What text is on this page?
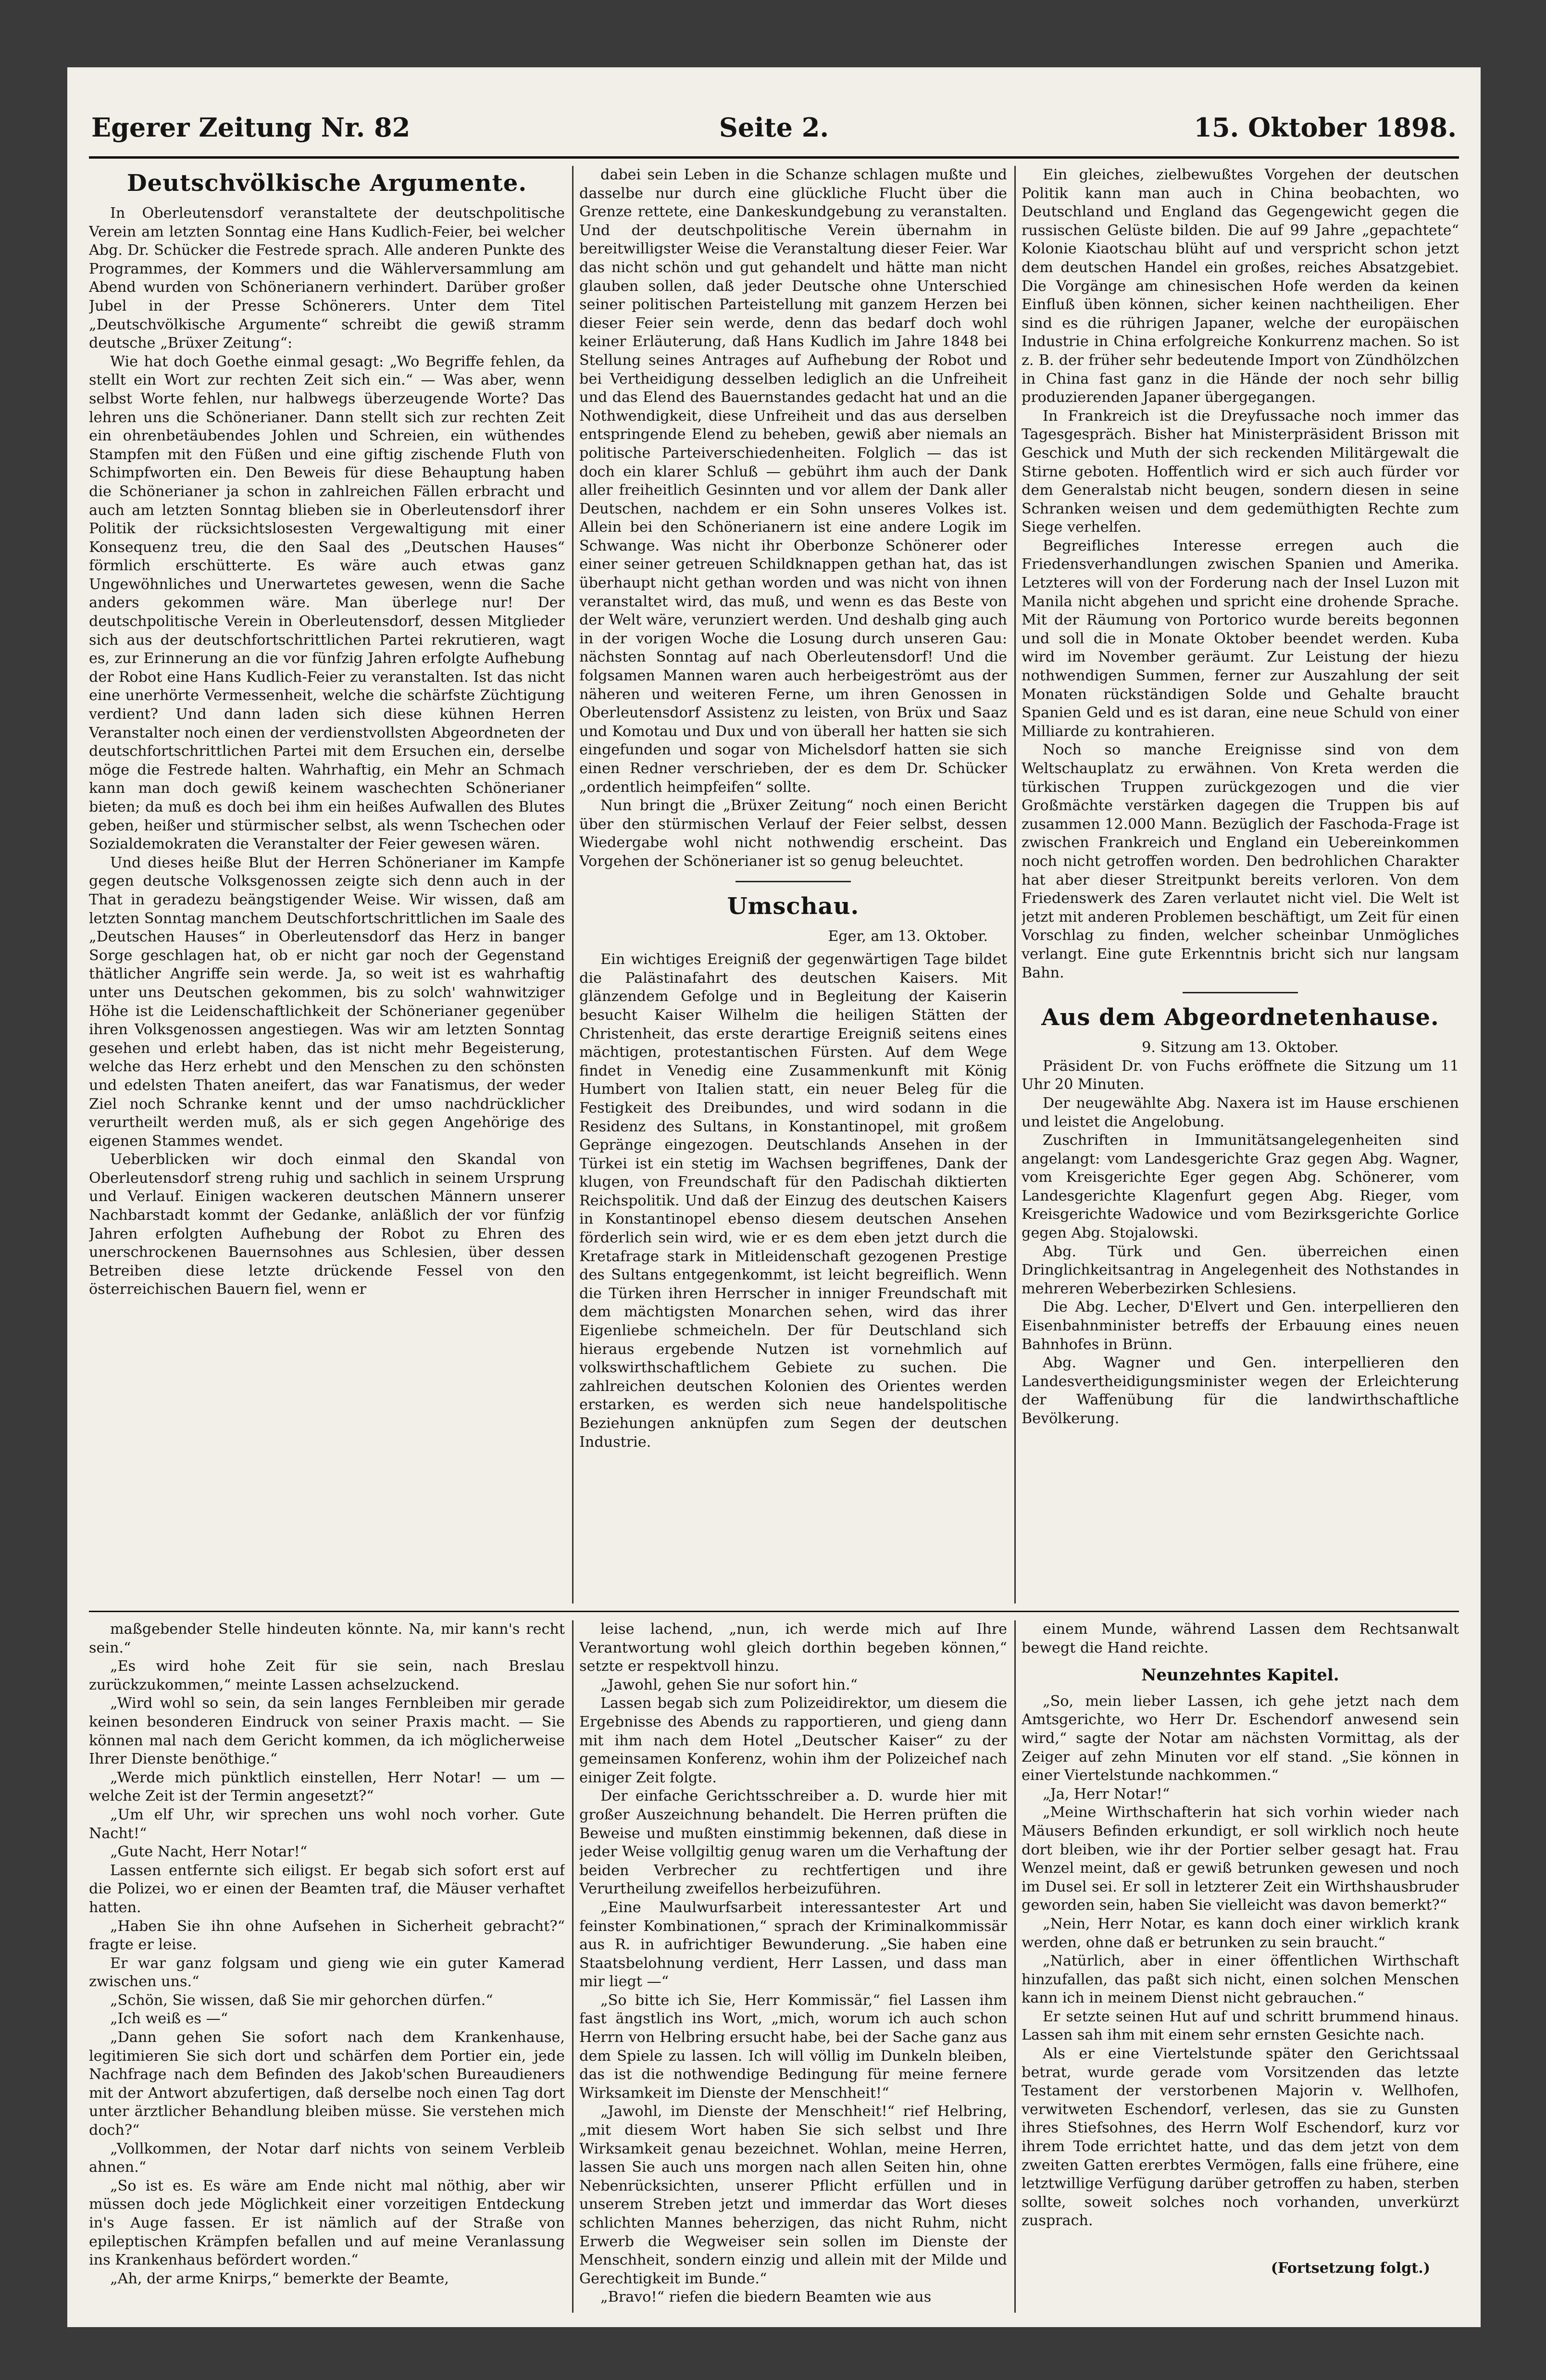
Egerer Zeitung Nr. 82	Seite 2.	15. Oktober 1898.
Deutschvölkische Argumente.

In Oberleutensdorf veranstaltete der deutschpolitische Verein am letzten Sonntag eine Hans Kudlich-Feier, bei welcher Abg. Dr. Schücker die Festrede sprach. Alle anderen Punkte des Programmes, der Kommers und die Wählerversammlung am Abend wurden von Schönerianern verhindert. Darüber großer Jubel in der Presse Schönerers. Unter dem Titel „Deutschvölkische Argumente“ schreibt die gewiß stramm deutsche „Brüxer Zeitung“:

Wie hat doch Goethe einmal gesagt: „Wo Begriffe fehlen, da stellt ein Wort zur rechten Zeit sich ein.“ — Was aber, wenn selbst Worte fehlen, nur halbwegs überzeugende Worte? Das lehren uns die Schönerianer. Dann stellt sich zur rechten Zeit ein ohrenbetäubendes Johlen und Schreien, ein wüthendes Stampfen mit den Füßen und eine giftig zischende Fluth von Schimpfworten ein. Den Beweis für diese Behauptung haben die Schönerianer ja schon in zahlreichen Fällen erbracht und auch am letzten Sonntag blieben sie in Oberleutensdorf ihrer Politik der rücksichtslosesten Vergewaltigung mit einer Konsequenz treu, die den Saal des „Deutschen Hauses“ förmlich erschütterte. Es wäre auch etwas ganz Ungewöhnliches und Unerwartetes gewesen, wenn die Sache anders gekommen wäre. Man überlege nur! Der deutschpolitische Verein in Oberleutensdorf, dessen Mitglieder sich aus der deutschfortschrittlichen Partei rekrutieren, wagt es, zur Erinnerung an die vor fünfzig Jahren erfolgte Aufhebung der Robot eine Hans Kudlich-Feier zu veranstalten. Ist das nicht eine unerhörte Vermessenheit, welche die schärfste Züchtigung verdient? Und dann laden sich diese kühnen Herren Veranstalter noch einen der verdienstvollsten Abgeordneten der deutschfortschrittlichen Partei mit dem Ersuchen ein, derselbe möge die Festrede halten. Wahrhaftig, ein Mehr an Schmach kann man doch gewiß keinem waschechten Schönerianer bieten; da muß es doch bei ihm ein heißes Aufwallen des Blutes geben, heißer und stürmischer selbst, als wenn Tschechen oder Sozialdemokraten die Veranstalter der Feier gewesen wären.

Und dieses heiße Blut der Herren Schönerianer im Kampfe gegen deutsche Volksgenossen zeigte sich denn auch in der That in geradezu beängstigender Weise. Wir wissen, daß am letzten Sonntag manchem Deutschfortschrittlichen im Saale des „Deutschen Hauses“ in Oberleutensdorf das Herz in banger Sorge geschlagen hat, ob er nicht gar noch der Gegenstand thätlicher Angriffe sein werde. Ja, so weit ist es wahrhaftig unter uns Deutschen gekommen, bis zu solch' wahnwitziger Höhe ist die Leidenschaftlichkeit der Schönerianer gegenüber ihren Volksgenossen angestiegen. Was wir am letzten Sonntag gesehen und erlebt haben, das ist nicht mehr Begeisterung, welche das Herz erhebt und den Menschen zu den schönsten und edelsten Thaten aneifert, das war Fanatismus, der weder Ziel noch Schranke kennt und der umso nachdrücklicher verurtheilt werden muß, als er sich gegen Angehörige des eigenen Stammes wendet.

Ueberblicken wir doch einmal den Skandal von Oberleutensdorf streng ruhig und sachlich in seinem Ursprung und Verlauf. Einigen wackeren deutschen Männern unserer Nachbarstadt kommt der Gedanke, anläßlich der vor fünfzig Jahren erfolgten Aufhebung der Robot zu Ehren des unerschrockenen Bauernsohnes aus Schlesien, über dessen Betreiben diese letzte drückende Fessel von den österreichischen Bauern fiel, wenn er

dabei sein Leben in die Schanze schlagen mußte und dasselbe nur durch eine glückliche Flucht über die Grenze rettete, eine Dankeskundgebung zu veranstalten. Und der deutschpolitische Verein übernahm in bereitwilligster Weise die Veranstaltung dieser Feier. War das nicht schön und gut gehandelt und hätte man nicht glauben sollen, daß jeder Deutsche ohne Unterschied seiner politischen Parteistellung mit ganzem Herzen bei dieser Feier sein werde, denn das bedarf doch wohl keiner Erläuterung, daß Hans Kudlich im Jahre 1848 bei Stellung seines Antrages auf Aufhebung der Robot und bei Vertheidigung desselben lediglich an die Unfreiheit und das Elend des Bauernstandes gedacht hat und an die Nothwendigkeit, diese Unfreiheit und das aus derselben entspringende Elend zu beheben, gewiß aber niemals an politische Parteiverschiedenheiten. Folglich — das ist doch ein klarer Schluß — gebührt ihm auch der Dank aller freiheitlich Gesinnten und vor allem der Dank aller Deutschen, nachdem er ein Sohn unseres Volkes ist. Allein bei den Schönerianern ist eine andere Logik im Schwange. Was nicht ihr Oberbonze Schönerer oder einer seiner getreuen Schildknappen gethan hat, das ist überhaupt nicht gethan worden und was nicht von ihnen veranstaltet wird, das muß, und wenn es das Beste von der Welt wäre, verunziert werden. Und deshalb ging auch in der vorigen Woche die Losung durch unseren Gau: nächsten Sonntag auf nach Oberleutensdorf! Und die folgsamen Mannen waren auch herbeigeströmt aus der näheren und weiteren Ferne, um ihren Genossen in Oberleutensdorf Assistenz zu leisten, von Brüx und Saaz und Komotau und Dux und von überall her hatten sie sich eingefunden und sogar von Michelsdorf hatten sie sich einen Redner verschrieben, der es dem Dr. Schücker „ordentlich heimpfeifen“ sollte.

Nun bringt die „Brüxer Zeitung“ noch einen Bericht über den stürmischen Verlauf der Feier selbst, dessen Wiedergabe wohl nicht nothwendig erscheint. Das Vorgehen der Schönerianer ist so genug beleuchtet.

Umschau.
Eger, am 13. Oktober.

Ein wichtiges Ereigniß der gegenwärtigen Tage bildet die Palästinafahrt des deutschen Kaisers. Mit glänzendem Gefolge und in Begleitung der Kaiserin besucht Kaiser Wilhelm die heiligen Stätten der Christenheit, das erste derartige Ereigniß seitens eines mächtigen, protestantischen Fürsten. Auf dem Wege findet in Venedig eine Zusammenkunft mit König Humbert von Italien statt, ein neuer Beleg für die Festigkeit des Dreibundes, und wird sodann in die Residenz des Sultans, in Konstantinopel, mit großem Gepränge eingezogen. Deutschlands Ansehen in der Türkei ist ein stetig im Wachsen begriffenes, Dank der klugen, von Freundschaft für den Padischah diktierten Reichspolitik. Und daß der Einzug des deutschen Kaisers in Konstantinopel ebenso diesem deutschen Ansehen förderlich sein wird, wie er es dem eben jetzt durch die Kretafrage stark in Mitleidenschaft gezogenen Prestige des Sultans entgegenkommt, ist leicht begreiflich. Wenn die Türken ihren Herrscher in inniger Freundschaft mit dem mächtigsten Monarchen sehen, wird das ihrer Eigenliebe schmeicheln. Der für Deutschland sich hieraus ergebende Nutzen ist vornehmlich auf volkswirthschaftlichem Gebiete zu suchen. Die zahlreichen deutschen Kolonien des Orientes werden erstarken, es werden sich neue handelspolitische Beziehungen anknüpfen zum Segen der deutschen Industrie.

Ein gleiches, zielbewußtes Vorgehen der deutschen Politik kann man auch in China beobachten, wo Deutschland und England das Gegengewicht gegen die russischen Gelüste bilden. Die auf 99 Jahre „gepachtete“ Kolonie Kiaotschau blüht auf und verspricht schon jetzt dem deutschen Handel ein großes, reiches Absatzgebiet. Die Vorgänge am chinesischen Hofe werden da keinen Einfluß üben können, sicher keinen nachtheiligen. Eher sind es die rührigen Japaner, welche der europäischen Industrie in China erfolgreiche Konkurrenz machen. So ist z. B. der früher sehr bedeutende Import von Zündhölzchen in China fast ganz in die Hände der noch sehr billig produzierenden Japaner übergegangen.

In Frankreich ist die Dreyfussache noch immer das Tagesgespräch. Bisher hat Ministerpräsident Brisson mit Geschick und Muth der sich reckenden Militärgewalt die Stirne geboten. Hoffentlich wird er sich auch fürder vor dem Generalstab nicht beugen, sondern diesen in seine Schranken weisen und dem gedemüthigten Rechte zum Siege verhelfen.

Begreifliches Interesse erregen auch die Friedensverhandlungen zwischen Spanien und Amerika. Letzteres will von der Forderung nach der Insel Luzon mit Manila nicht abgehen und spricht eine drohende Sprache. Mit der Räumung von Portorico wurde bereits begonnen und soll die in Monate Oktober beendet werden. Kuba wird im November geräumt. Zur Leistung der hiezu nothwendigen Summen, ferner zur Auszahlung der seit Monaten rückständigen Solde und Gehalte braucht Spanien Geld und es ist daran, eine neue Schuld von einer Milliarde zu kontrahieren.

Noch so manche Ereignisse sind von dem Weltschauplatz zu erwähnen. Von Kreta werden die türkischen Truppen zurückgezogen und die vier Großmächte verstärken dagegen die Truppen bis auf zusammen 12.000 Mann. Bezüglich der Faschoda-Frage ist zwischen Frankreich und England ein Uebereinkommen noch nicht getroffen worden. Den bedrohlichen Charakter hat aber dieser Streitpunkt bereits verloren. Von dem Friedenswerk des Zaren verlautet nicht viel. Die Welt ist jetzt mit anderen Problemen beschäftigt, um Zeit für einen Vorschlag zu finden, welcher scheinbar Unmögliches verlangt. Eine gute Erkenntnis bricht sich nur langsam Bahn.

Aus dem Abgeordnetenhause.

9. Sitzung am 13. Oktober.

Präsident Dr. von Fuchs eröffnete die Sitzung um 11 Uhr 20 Minuten.

Der neugewählte Abg. Naxera ist im Hause erschienen und leistet die Angelobung.

Zuschriften in Immunitätsangelegenheiten sind angelangt: vom Landesgerichte Graz gegen Abg. Wagner, vom Kreisgerichte Eger gegen Abg. Schönerer, vom Landesgerichte Klagenfurt gegen Abg. Rieger, vom Kreisgerichte Wadowice und vom Bezirksgerichte Gorlice gegen Abg. Stojalowski.

Abg. Türk und Gen. überreichen einen Dringlichkeitsantrag in Angelegenheit des Nothstandes in mehreren Weberbezirken Schlesiens.

Die Abg. Lecher, D'Elvert und Gen. interpellieren den Eisenbahnminister betreffs der Erbauung eines neuen Bahnhofes in Brünn.

Abg. Wagner und Gen. interpellieren den Landesvertheidigungsminister wegen der Erleichterung der Waffenübung für die landwirthschaftliche Bevölkerung.

maßgebender Stelle hindeuten könnte. Na, mir kann's recht sein.“

„Es wird hohe Zeit für sie sein, nach Breslau zurückzukommen,“ meinte Lassen achselzuckend.

„Wird wohl so sein, da sein langes Fernbleiben mir gerade keinen besonderen Eindruck von seiner Praxis macht. — Sie können mal nach dem Gericht kommen, da ich möglicherweise Ihrer Dienste benöthige.“

„Werde mich pünktlich einstellen, Herr Notar! — um — welche Zeit ist der Termin angesetzt?“

„Um elf Uhr, wir sprechen uns wohl noch vorher. Gute Nacht!“

„Gute Nacht, Herr Notar!“

Lassen entfernte sich eiligst. Er begab sich sofort erst auf die Polizei, wo er einen der Beamten traf, die Mäuser verhaftet hatten.

„Haben Sie ihn ohne Aufsehen in Sicherheit gebracht?“ fragte er leise.

Er war ganz folgsam und gieng wie ein guter Kamerad zwischen uns.“

„Schön, Sie wissen, daß Sie mir gehorchen dürfen.“

„Ich weiß es —“

„Dann gehen Sie sofort nach dem Krankenhause, legitimieren Sie sich dort und schärfen dem Portier ein, jede Nachfrage nach dem Befinden des Jakob'schen Bureaudieners mit der Antwort abzufertigen, daß derselbe noch einen Tag dort unter ärztlicher Behandlung bleiben müsse. Sie verstehen mich doch?“

„Vollkommen, der Notar darf nichts von seinem Verbleib ahnen.“

„So ist es. Es wäre am Ende nicht mal nöthig, aber wir müssen doch jede Möglichkeit einer vorzeitigen Entdeckung in's Auge fassen. Er ist nämlich auf der Straße von epileptischen Krämpfen befallen und auf meine Veranlassung ins Krankenhaus befördert worden.“

„Ah, der arme Knirps,“ bemerkte der Beamte,

leise lachend, „nun, ich werde mich auf Ihre Verantwortung wohl gleich dorthin begeben können,“ setzte er respektvoll hinzu.

„Jawohl, gehen Sie nur sofort hin.“

Lassen begab sich zum Polizeidirektor, um diesem die Ergebnisse des Abends zu rapportieren, und gieng dann mit ihm nach dem Hotel „Deutscher Kaiser“ zu der gemeinsamen Konferenz, wohin ihm der Polizeichef nach einiger Zeit folgte.

Der einfache Gerichtsschreiber a. D. wurde hier mit großer Auszeichnung behandelt. Die Herren prüften die Beweise und mußten einstimmig bekennen, daß diese in jeder Weise vollgiltig genug waren um die Verhaftung der beiden Verbrecher zu rechtfertigen und ihre Verurtheilung zweifellos herbeizuführen.

„Eine Maulwurfsarbeit interessantester Art und feinster Kombinationen,“ sprach der Kriminalkommissär aus R. in aufrichtiger Bewunderung. „Sie haben eine Staatsbelohnung verdient, Herr Lassen, und dass man mir liegt —“

„So bitte ich Sie, Herr Kommissär,“ fiel Lassen ihm fast ängstlich ins Wort, „mich, worum ich auch schon Herrn von Helbring ersucht habe, bei der Sache ganz aus dem Spiele zu lassen. Ich will völlig im Dunkeln bleiben, das ist die nothwendige Bedingung für meine fernere Wirksamkeit im Dienste der Menschheit!“

„Jawohl, im Dienste der Menschheit!“ rief Helbring, „mit diesem Wort haben Sie sich selbst und Ihre Wirksamkeit genau bezeichnet. Wohlan, meine Herren, lassen Sie auch uns morgen nach allen Seiten hin, ohne Nebenrücksichten, unserer Pflicht erfüllen und in unserem Streben jetzt und immerdar das Wort dieses schlichten Mannes beherzigen, das nicht Ruhm, nicht Erwerb die Wegweiser sein sollen im Dienste der Menschheit, sondern einzig und allein mit der Milde und Gerechtigkeit im Bunde.“

„Bravo!“ riefen die biedern Beamten wie aus

einem Munde, während Lassen dem Rechtsanwalt bewegt die Hand reichte.

Neunzehntes Kapitel.

„So, mein lieber Lassen, ich gehe jetzt nach dem Amtsgerichte, wo Herr Dr. Eschendorf anwesend sein wird,“ sagte der Notar am nächsten Vormittag, als der Zeiger auf zehn Minuten vor elf stand. „Sie können in einer Viertelstunde nachkommen.“

„Ja, Herr Notar!“

„Meine Wirthschafterin hat sich vorhin wieder nach Mäusers Befinden erkundigt, er soll wirklich noch heute dort bleiben, wie ihr der Portier selber gesagt hat. Frau Wenzel meint, daß er gewiß betrunken gewesen und noch im Dusel sei. Er soll in letzterer Zeit ein Wirthshausbruder geworden sein, haben Sie vielleicht was davon bemerkt?“

„Nein, Herr Notar, es kann doch einer wirklich krank werden, ohne daß er betrunken zu sein braucht.“

„Natürlich, aber in einer öffentlichen Wirthschaft hinzufallen, das paßt sich nicht, einen solchen Menschen kann ich in meinem Dienst nicht gebrauchen.“

Er setzte seinen Hut auf und schritt brummend hinaus. Lassen sah ihm mit einem sehr ernsten Gesichte nach.

Als er eine Viertelstunde später den Gerichtssaal betrat, wurde gerade vom Vorsitzenden das letzte Testament der verstorbenen Majorin v. Wellhofen, verwitweten Eschendorf, verlesen, das sie zu Gunsten ihres Stiefsohnes, des Herrn Wolf Eschendorf, kurz vor ihrem Tode errichtet hatte, und das dem jetzt von dem zweiten Gatten ererbtes Vermögen, falls eine frühere, eine letztwillige Verfügung darüber getroffen zu haben, sterben sollte, soweit solches noch vorhanden, unverkürzt zusprach.

(Fortsetzung folgt.)
